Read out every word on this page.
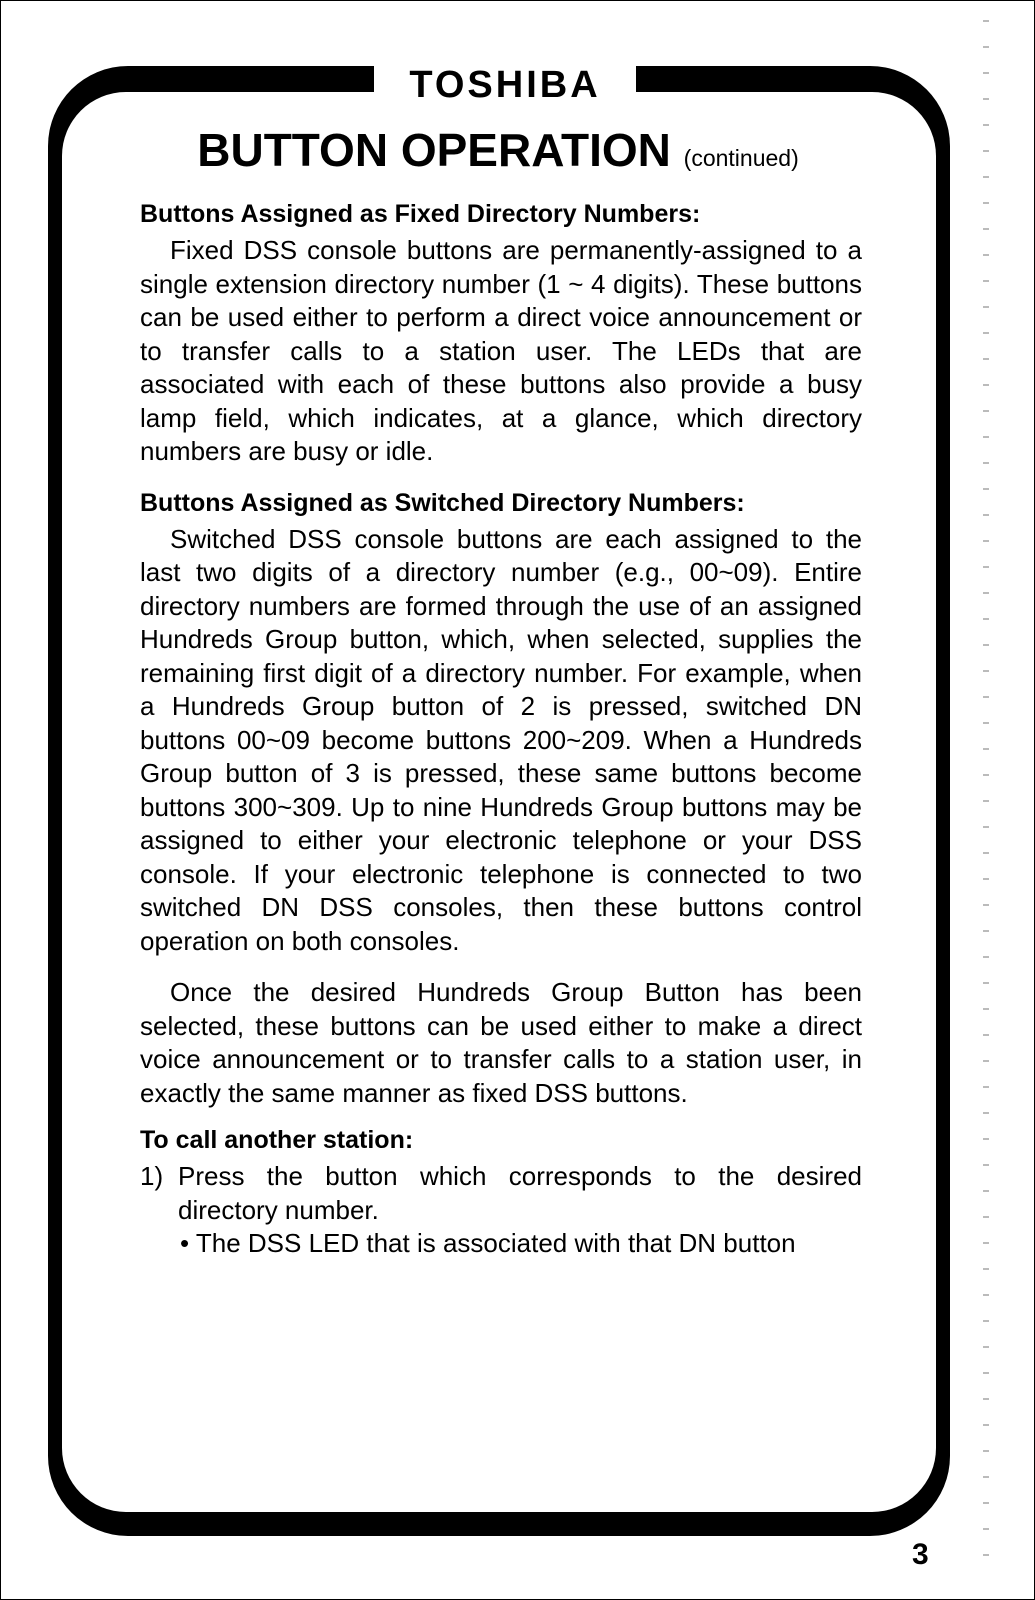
TOSHIBA
BUTTON OPERATION (continued)
Buttons Assigned as Fixed Directory Numbers:

Fixed DSS console buttons are permanently-assigned to a single extension directory number (1 ~ 4 digits). These buttons can be used either to perform a direct voice announcement or to transfer calls to a station user. The LEDs that are associated with each of these buttons also provide a busy lamp field, which indicates, at a glance, which directory numbers are busy or idle.

Buttons Assigned as Switched Directory Numbers:

Switched DSS console buttons are each assigned to the last two digits of a directory number (e.g., 00~09). Entire directory numbers are formed through the use of an assigned Hundreds Group button, which, when selected, supplies the remaining first digit of a directory number. For example, when a Hundreds Group button of 2 is pressed, switched DN buttons 00~09 become buttons 200~209. When a Hundreds Group button of 3 is pressed, these same buttons become buttons 300~309. Up to nine Hundreds Group buttons may be assigned to either your electronic telephone or your DSS console. If your electronic telephone is connected to two switched DN DSS consoles, then these buttons control operation on both consoles.

Once the desired Hundreds Group Button has been selected, these buttons can be used either to make a direct voice announcement or to transfer calls to a station user, in exactly the same manner as fixed DSS buttons.

To call another station:
1) Press the button which corresponds to the desired directory number.
• The DSS LED that is associated with that DN button
3
